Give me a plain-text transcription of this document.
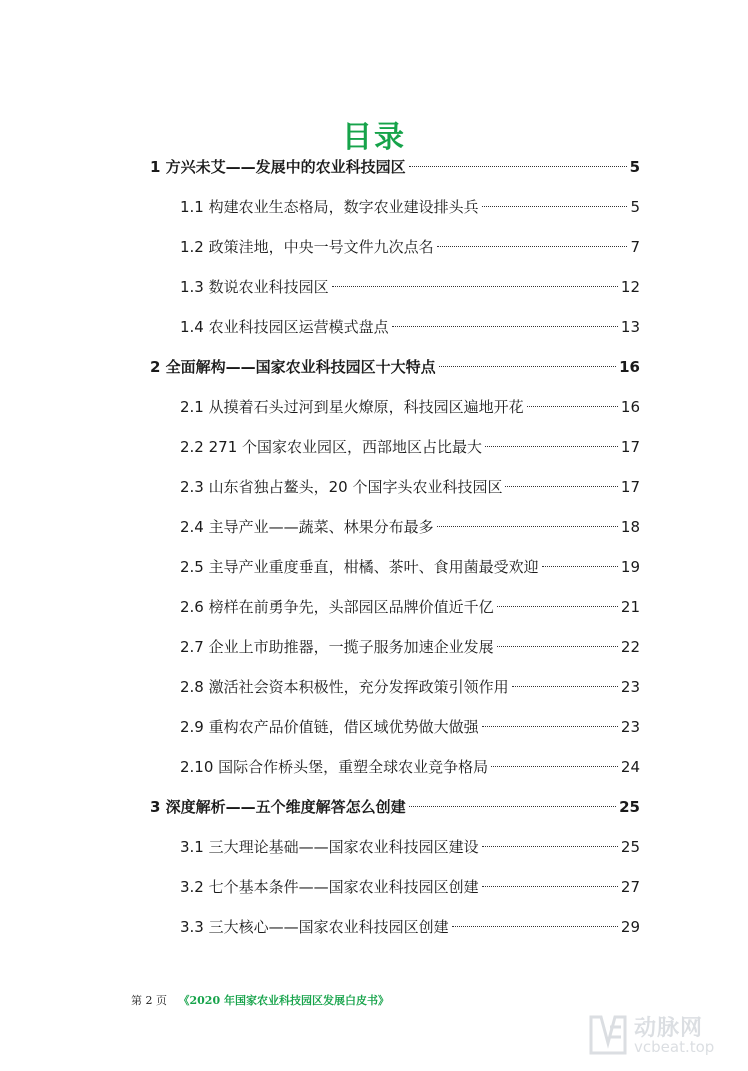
目录
1 方兴未艾——发展中的农业科技园区	5
1.1 构建农业生态格局，数字农业建设排头兵	5
1.2 政策洼地，中央一号文件九次点名	7
1.3 数说农业科技园区	12
1.4 农业科技园区运营模式盘点	13
2 全面解构——国家农业科技园区十大特点	16
2.1 从摸着石头过河到星火燎原，科技园区遍地开花	16
2.2 271 个国家农业园区，西部地区占比最大	17
2.3 山东省独占鳌头，20 个国字头农业科技园区	17
2.4 主导产业——蔬菜、林果分布最多	18
2.5 主导产业重度垂直，柑橘、茶叶、食用菌最受欢迎	19
2.6 榜样在前勇争先，头部园区品牌价值近千亿	21
2.7 企业上市助推器，一揽子服务加速企业发展	22
2.8 激活社会资本积极性，充分发挥政策引领作用	23
2.9 重构农产品价值链，借区域优势做大做强	23
2.10 国际合作桥头堡，重塑全球农业竞争格局	24
3 深度解析——五个维度解答怎么创建	25
3.1 三大理论基础——国家农业科技园区建设	25
3.2 七个基本条件——国家农业科技园区创建	27
3.3 三大核心——国家农业科技园区创建	29
第 2 页 《2020 年国家农业科技园区发展白皮书》
动脉网
vcbeat.top
